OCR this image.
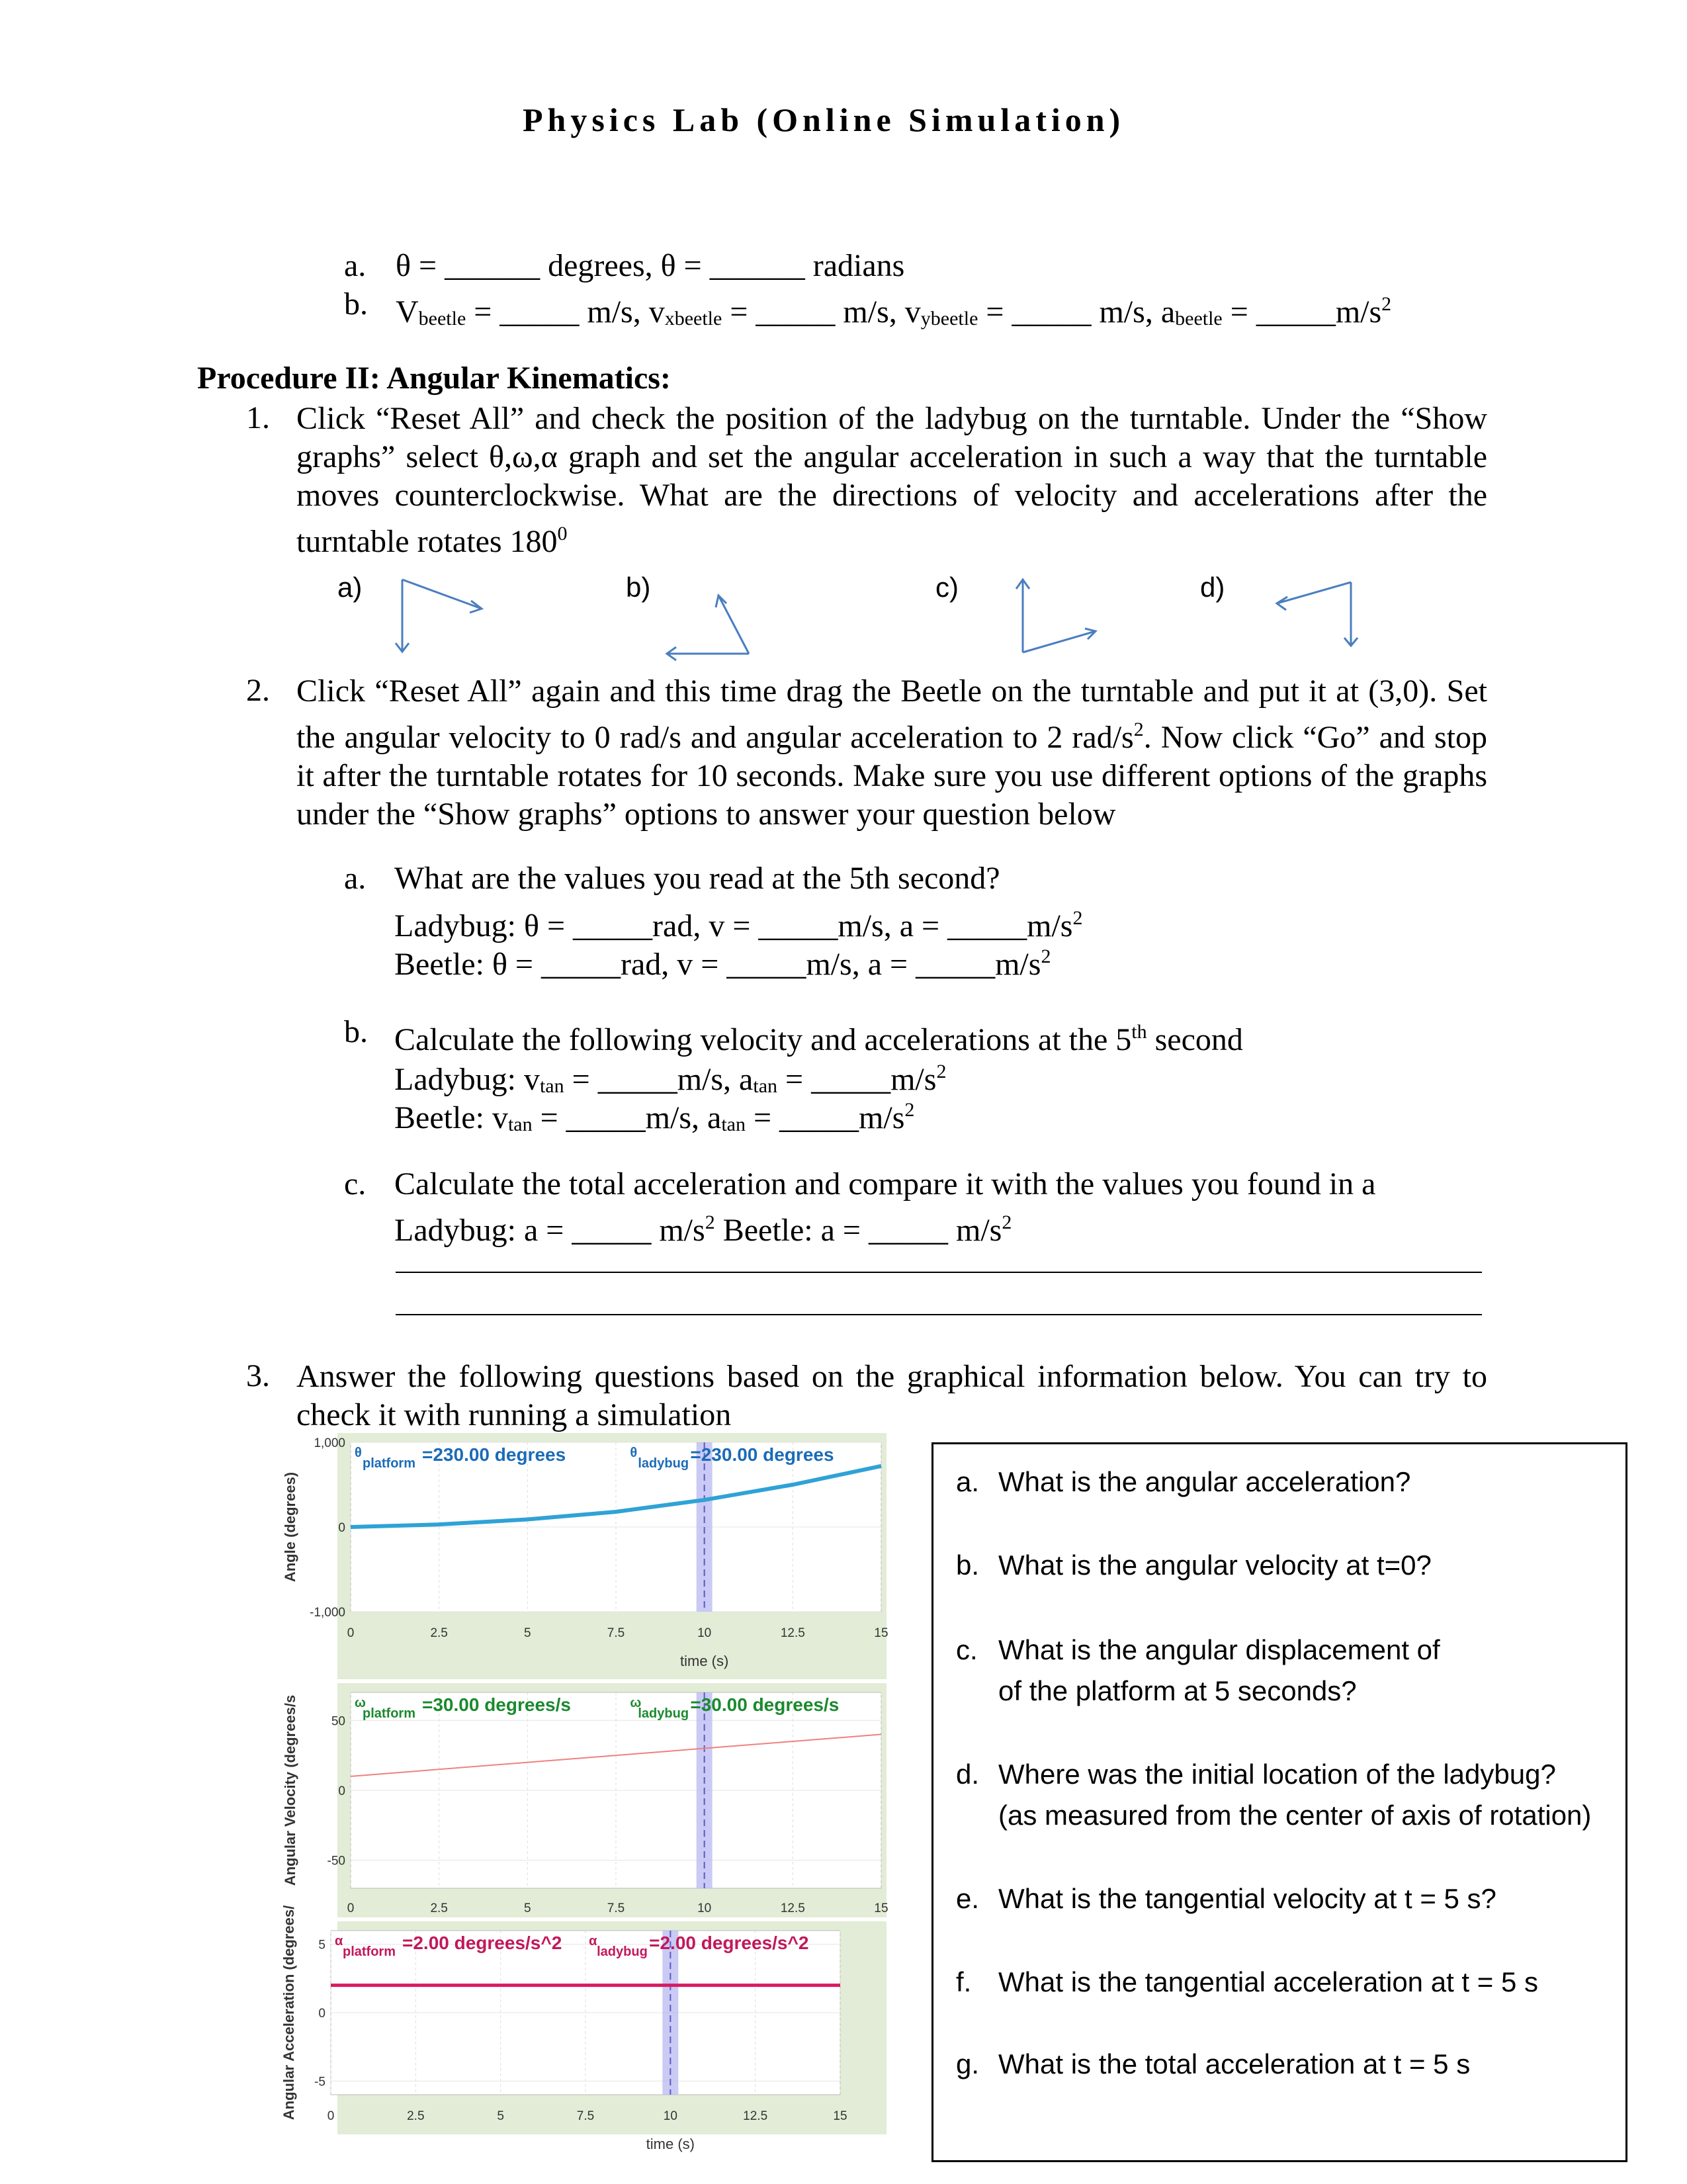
Physics Lab (Online Simulation)
a. θ = ______ degrees, θ = ______ radians
b. $V_{beetle}$ = _____ m/s, $v_{xbeetle}$ = _____ m/s, $v_{ybeetle}$ = _____ m/s, $a_{beetle}$ = $\_\_\_\_\_m/s^2$
Procedure II: Angular Kinematics:
1. Click “Reset All” and check the position of the ladybug on the turntable. Under the “Show graphs” select θ,ω,α graph and set the angular acceleration in such a way that the turntable moves counterclockwise. What are the directions of velocity and accelerations after the turntable rotates $180^0$
a)	b)	c)	d)
2. Click “Reset All” again and this time drag the Beetle on the turntable and put it at (3,0). Set the angular velocity to 0 rad/s and angular acceleration to 2 rad/$s^2$. Now click “Go” and stop it after the turntable rotates for 10 seconds. Make sure you use different options of the graphs under the “Show graphs” options to answer your question below
a. What are the values you read at the 5th second?
Ladybug: θ = _____rad, v = _____m/s, $a = \_\_\_\_\_m/s^2$
Beetle: θ = _____rad, v = _____m/s, $a = \_\_\_\_\_m/s^2$
b. Calculate the following velocity and accelerations at the 5th second
Ladybug: $v_{tan}$ = _____m/s, $a_{tan}$ = $\_\_\_\_\_m/s^2$
Beetle: $v_{tan}$ = _____m/s, $a_{tan}$ = $\_\_\_\_\_m/s^2$
c. Calculate the total acceleration and compare it with the values you found in a
Ladybug: a = _____ $m/s^2$ Beetle: a = _____ $m/s^2$
3. Answer the following questions based on the graphical information below. You can try to check it with running a simulation
0	2.5	5	7.5	10	12.5	15
1,000
0
-1,000
Angle (degrees)
time (s)
θ
platform =230.00 degrees	θ
ladybug =230.00 degrees
0	2.5	5	7.5	10	12.5	15
50
0
-50
Angular Velocity (degrees/s	ω
platform =30.00 degrees/s	ω
ladybug =30.00 degrees/s
0	2.5	5	7.5	10	12.5	15
5
0
-5
Angular Acceleration (degrees/
time (s)
α
platform =2.00 degrees/s^2 α
ladybug =2.00 degrees/s^2
a. What is the angular acceleration?
b. What is the angular velocity at t=0?
c. What is the angular displacement of
of the platform at 5 seconds?
d. Where was the initial location of the ladybug?
(as measured from the center of axis of rotation)
e. What is the tangential velocity at t = 5 s?
f. What is the tangential acceleration at t = 5 s
g. What is the total acceleration at t = 5 s
